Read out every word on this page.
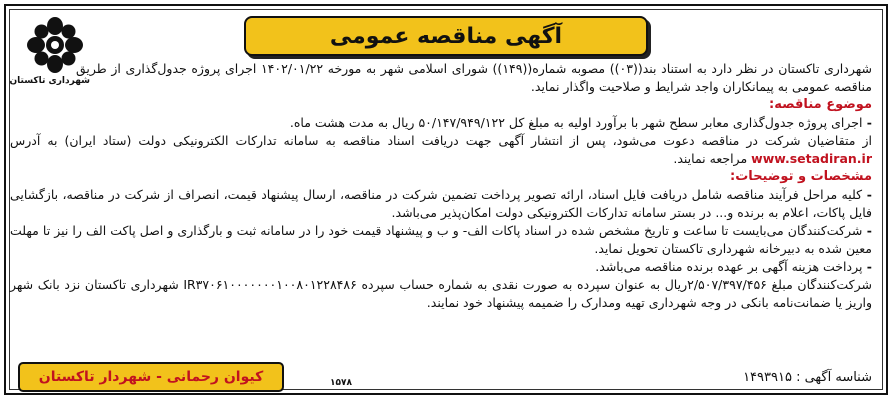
آگهی مناقصه عمومی
شهرداری تاکستان

شهرداری تاکستان در نظر دارد به استناد بند((۰۳)) مصوبه شماره((۱۴۹)) شورای اسلامی شهر به مورخه ۱۴۰۲/۰۱/۲۲ اجرای پروژه جدول‌گذاری از طریق مناقصه عمومی به پیمانکاران واجد شرایط و صلاحیت واگذار نماید.

موضوع مناقصه:

- اجرای پروژه جدول‌گذاری معابر سطح شهر با برآورد اولیه به مبلغ کل ۵۰/۱۴۷/۹۴۹/۱۲۲ ریال به مدت هشت ماه.

از متقاضیان شرکت در مناقصه دعوت می‌شود، پس از انتشار آگهی جهت دریافت اسناد مناقصه به سامانه تدارکات الکترونیکی دولت (ستاد ایران) به آدرس www.setadiran.ir مراجعه نمایند.

مشخصات و توضیحات:

- کلیه مراحل فرآیند مناقصه شامل دریافت فایل اسناد، ارائه تصویر پرداخت تضمین شرکت در مناقصه، ارسال پیشنهاد قیمت، انصراف از شرکت در مناقصه، بازگشایی فایل پاکات، اعلام به برنده و... در بستر سامانه تدارکات الکترونیکی دولت امکان‌پذیر می‌باشد.

- شرکت‌کنندگان می‌بایست تا ساعت و تاریخ مشخص شده در اسناد پاکات الف- و ب و پیشنهاد قیمت خود را در سامانه ثبت و بارگذاری و اصل پاکت الف را نیز تا مهلت معین شده به دبیرخانه شهرداری تاکستان تحویل نماید.

- پرداخت هزینه آگهی بر عهده برنده مناقصه می‌باشد.

شرکت‌کنندگان مبلغ ۲/۵۰۷/۳۹۷/۴۵۶ریال به عنوان سپرده به صورت نقدی به شماره حساب سپرده IR۳۷۰۶۱۰۰۰۰۰۰۰۱۰۰۸۰۱۲۲۸۴۸۶ شهرداری تاکستان نزد بانک شهر واریز یا ضمانت‌نامه بانکی در وجه شهرداری تهیه ومدارک را ضمیمه پیشنهاد خود نمایند.

شناسه آگهی : ۱۴۹۳۹۱۵
کیوان رحمانی - شهردار تاکستان	۱۵۷۸
